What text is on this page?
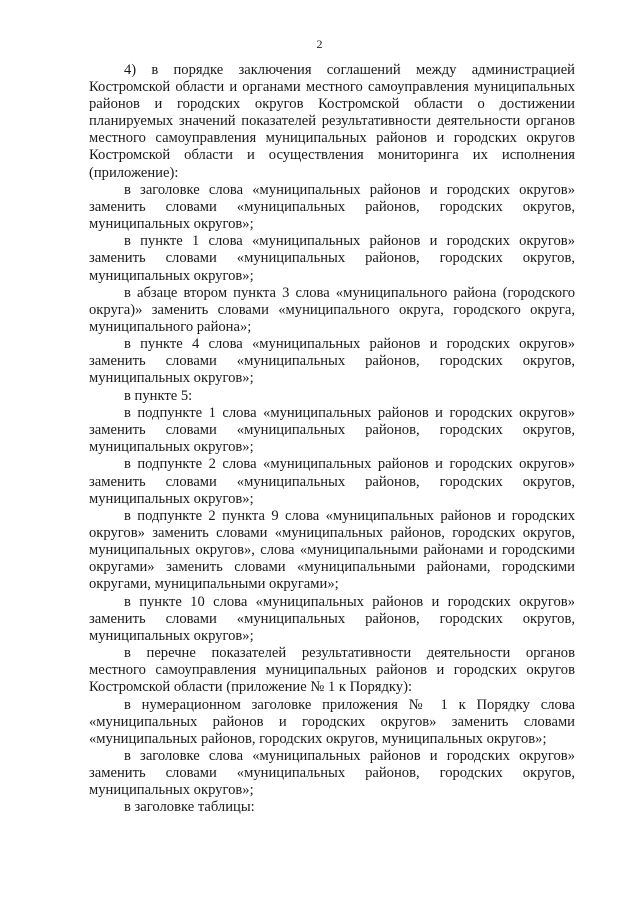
2

4) в порядке заключения соглашений между администрацией Костромской области и органами местного самоуправления муниципальных районов и городских округов Костромской области о достижении планируемых значений показателей результативности деятельности органов местного самоуправления муниципальных районов и городских округов Костромской области и осуществления мониторинга их исполнения (приложение):

в заголовке слова «муниципальных районов и городских округов» заменить словами «муниципальных районов, городских округов, муниципальных округов»;

в пункте 1 слова «муниципальных районов и городских округов» заменить словами «муниципальных районов, городских округов, муниципальных округов»;

в абзаце втором пункта 3 слова «муниципального района (городского округа)» заменить словами «муниципального округа, городского округа, муниципального района»;

в пункте 4 слова «муниципальных районов и городских округов» заменить словами «муниципальных районов, городских округов, муниципальных округов»;

в пункте 5:

в подпункте 1 слова «муниципальных районов и городских округов» заменить словами «муниципальных районов, городских округов, муниципальных округов»;

в подпункте 2 слова «муниципальных районов и городских округов» заменить словами «муниципальных районов, городских округов, муниципальных округов»;

в подпункте 2 пункта 9 слова «муниципальных районов и городских округов» заменить словами «муниципальных районов, городских округов, муниципальных округов», слова «муниципальными районами и городскими округами» заменить словами «муниципальными районами, городскими округами, муниципальными округами»;

в пункте 10 слова «муниципальных районов и городских округов» заменить словами «муниципальных районов, городских округов, муниципальных округов»;

в перечне показателей результативности деятельности органов местного самоуправления муниципальных районов и городских округов Костромской области (приложение № 1 к Порядку):

в нумерационном заголовке приложения № 1 к Порядку слова «муниципальных районов и городских округов» заменить словами «муниципальных районов, городских округов, муниципальных округов»;

в заголовке слова «муниципальных районов и городских округов» заменить словами «муниципальных районов, городских округов, муниципальных округов»;

в заголовке таблицы:
